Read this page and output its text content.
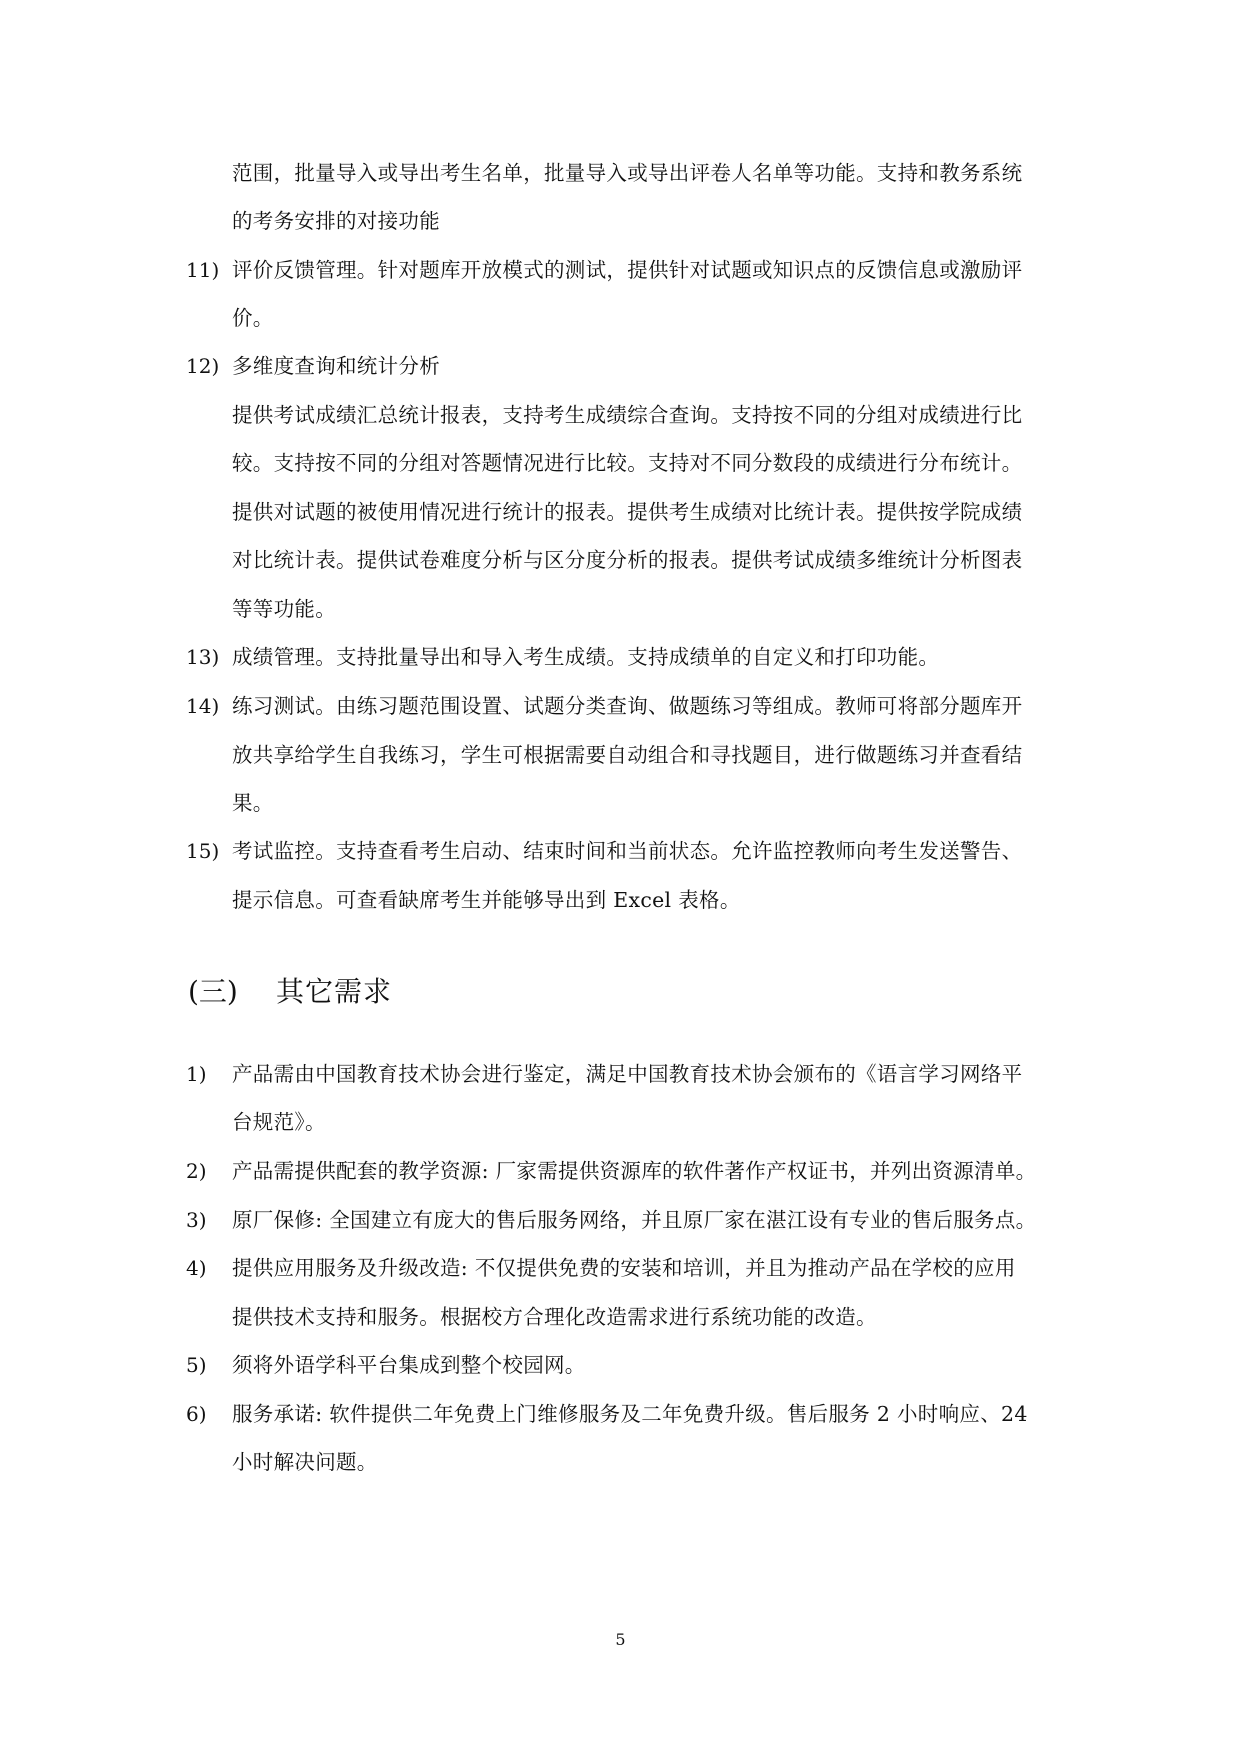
范围，批量导入或导出考生名单，批量导入或导出评卷人名单等功能。支持和教务系统
的考务安排的对接功能
11) 评价反馈管理。针对题库开放模式的测试，提供针对试题或知识点的反馈信息或激励评
价。
12) 多维度查询和统计分析
提供考试成绩汇总统计报表，支持考生成绩综合查询。支持按不同的分组对成绩进行比
较。支持按不同的分组对答题情况进行比较。支持对不同分数段的成绩进行分布统计。
提供对试题的被使用情况进行统计的报表。提供考生成绩对比统计表。提供按学院成绩
对比统计表。提供试卷难度分析与区分度分析的报表。提供考试成绩多维统计分析图表
等等功能。
13) 成绩管理。支持批量导出和导入考生成绩。支持成绩单的自定义和打印功能。
14) 练习测试。由练习题范围设置、试题分类查询、做题练习等组成。教师可将部分题库开
放共享给学生自我练习，学生可根据需要自动组合和寻找题目，进行做题练习并查看结
果。
15) 考试监控。支持查看考生启动、结束时间和当前状态。允许监控教师向考生发送警告、
提示信息。可查看缺席考生并能够导出到 Excel 表格。
(三) 其它需求
1)	产品需由中国教育技术协会进行鉴定，满足中国教育技术协会颁布的《语言学习网络平
台规范》。
2)	产品需提供配套的教学资源: 厂家需提供资源库的软件著作产权证书，并列出资源清单。
3)	原厂保修: 全国建立有庞大的售后服务网络，并且原厂家在湛江设有专业的售后服务点。
4)	提供应用服务及升级改造: 不仅提供免费的安装和培训，并且为推动产品在学校的应用
提供技术支持和服务。根据校方合理化改造需求进行系统功能的改造。
5)	须将外语学科平台集成到整个校园网。
6)	服务承诺: 软件提供二年免费上门维修服务及二年免费升级。售后服务 2 小时响应、24
小时解决问题。
5
